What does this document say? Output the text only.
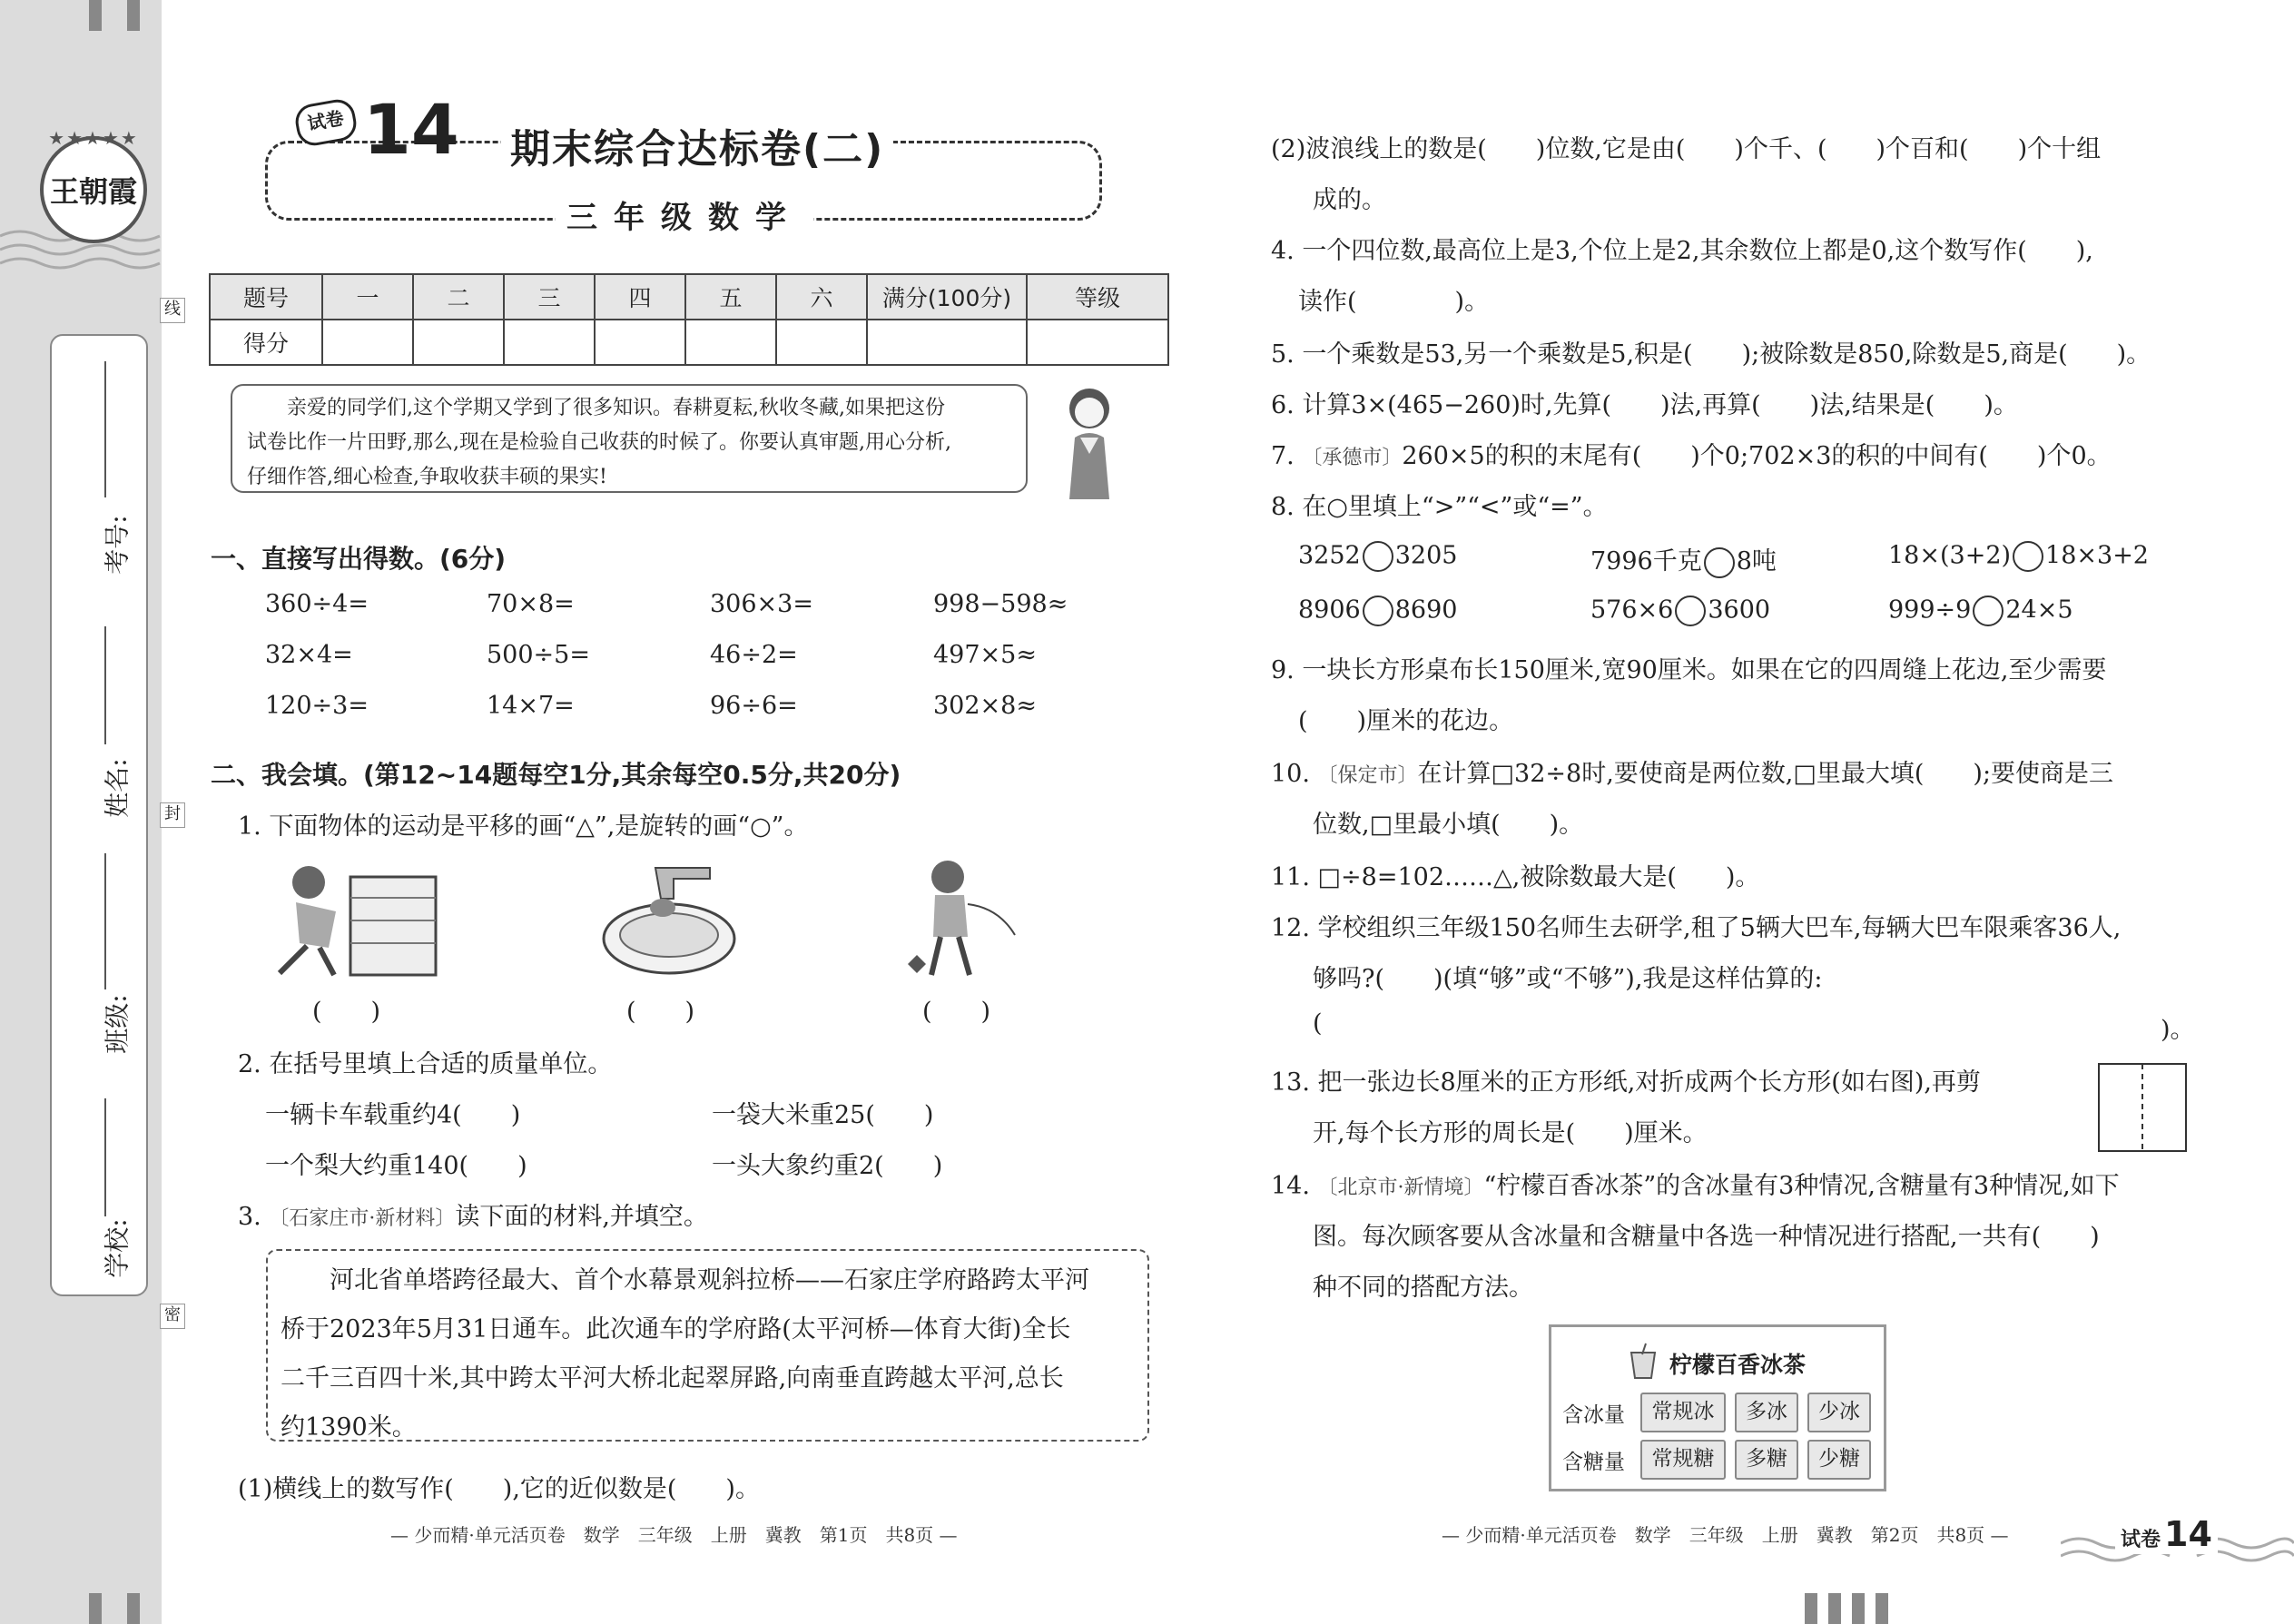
★★★★★
王朝霞
考号:
姓名:
班级:
学校:
线
封
密
试卷 14 期末综合达标卷(二)
三年级数学
题号	一	二	三	四	五	六	满分(100分)	等级
得分								

亲爱的同学们,这个学期又学到了很多知识。春耕夏耘,秋收冬藏,如果把这份

试卷比作一片田野,那么,现在是检验自己收获的时候了。你要认真审题,用心分析,

仔细作答,细心检查,争取收获丰硕的果实!

一、直接写出得数。(6分)
360÷4=	70×8=	306×3=	998−598≈
32×4=	500÷5=	46÷2=	497×5≈
120÷3=	14×7=	96÷6=	302×8≈
二、我会填。(第12~14题每空1分,其余每空0.5分,共20分)
1. 下面物体的运动是平移的画“△”,是旋转的画“○”。
(　　)	(　　)	(　　)
2. 在括号里填上合适的质量单位。
一辆卡车载重约4(　　)	一袋大米重25(　　)
一个梨大约重140(　　)	一头大象约重2(　　)
3. 〔石家庄市·新材料〕读下面的材料,并填空。

河北省单塔跨径最大、首个水幕景观斜拉桥——石家庄学府路跨太平河

桥于2023年5月31日通车。此次通车的学府路(太平河桥—体育大街)全长

二千三百四十米,其中跨太平河大桥北起翠屏路,向南垂直跨越太平河,总长

约1390米。

(1)横线上的数写作(　　),它的近似数是(　　)。
— 少而精·单元活页卷　数学　三年级　上册　冀教　第1页　共8页 —
(2)波浪线上的数是(　　)位数,它是由(　　)个千、(　　)个百和(　　)个十组
成的。
4. 一个四位数,最高位上是3,个位上是2,其余数位上都是0,这个数写作(　　),
读作(　　　　)。
5. 一个乘数是53,另一个乘数是5,积是(　　);被除数是850,除数是5,商是(　　)。
6. 计算3×(465−260)时,先算(　　)法,再算(　　)法,结果是(　　)。
7. 〔承德市〕260×5的积的末尾有(　　)个0;702×3的积的中间有(　　)个0。
8. 在○里填上“>”“<”或“=”。
3252 3205	7996千克 8吨	18×(3+2) 18×3+2
8906 8690	576×6 3600	999÷9 24×5
9. 一块长方形桌布长150厘米,宽90厘米。如果在它的四周缝上花边,至少需要
(　　)厘米的花边。
10. 〔保定市〕在计算□32÷8时,要使商是两位数,□里最大填(　　);要使商是三
位数,□里最小填(　　)。
11. □÷8=102……△,被除数最大是(　　)。
12. 学校组织三年级150名师生去研学,租了5辆大巴车,每辆大巴车限乘客36人,
够吗?(　　)(填“够”或“不够”),我是这样估算的:
(	)。
13. 把一张边长8厘米的正方形纸,对折成两个长方形(如右图),再剪
开,每个长方形的周长是(　　)厘米。
14. 〔北京市·新情境〕“柠檬百香冰茶”的含冰量有3种情况,含糖量有3种情况,如下
图。每次顾客要从含冰量和含糖量中各选一种情况进行搭配,一共有(　　)
种不同的搭配方法。
柠檬百香冰茶
含冰量	常规冰	多冰	少冰
含糖量	常规糖	多糖	少糖
— 少而精·单元活页卷　数学　三年级　上册　冀教　第2页　共8页 —	试卷 14
